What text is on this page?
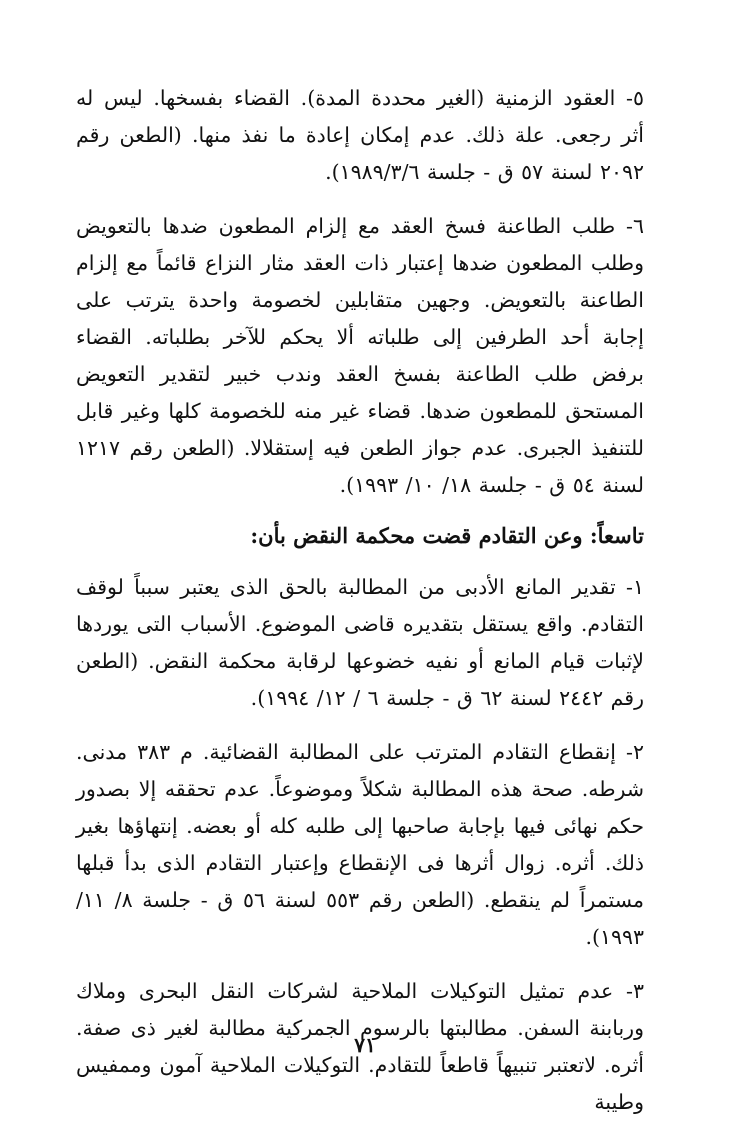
٥- العقود الزمنية (الغير محددة المدة). القضاء بفسخها. ليس له أثر رجعى. علة ذلك. عدم إمكان إعادة ما نفذ منها. (الطعن رقم ٢٠٩٢ لسنة ٥٧ ق - جلسة ١٩٨٩/٣/٦).

٦- طلب الطاعنة فسخ العقد مع إلزام المطعون ضدها بالتعويض وطلب المطعون ضدها إعتبار ذات العقد مثار النزاع قائماً مع إلزام الطاعنة بالتعويض. وجهين متقابلين لخصومة واحدة يترتب على إجابة أحد الطرفين إلى طلباته ألا يحكم للآخر بطلباته. القضاء برفض طلب الطاعنة بفسخ العقد وندب خبير لتقدير التعويض المستحق للمطعون ضدها. قضاء غير منه للخصومة كلها وغير قابل للتنفيذ الجبرى. عدم جواز الطعن فيه إستقلالا. (الطعن رقم ١٢١٧ لسنة ٥٤ ق - جلسة ١٨/ ١٠/ ١٩٩٣).

تاسعاً: وعن التقادم قضت محكمة النقض بأن:

١- تقدير المانع الأدبى من المطالبة بالحق الذى يعتبر سبباً لوقف التقادم. واقع يستقل بتقديره قاضى الموضوع. الأسباب التى يوردها لإثبات قيام المانع أو نفيه خضوعها لرقابة محكمة النقض. (الطعن رقم ٢٤٤٢ لسنة ٦٢ ق - جلسة ٦ / ١٢/ ١٩٩٤).

٢- إنقطاع التقادم المترتب على المطالبة القضائية. م ٣٨٣ مدنى. شرطه. صحة هذه المطالبة شكلاً وموضوعاً. عدم تحققه إلا بصدور حكم نهائى فيها بإجابة صاحبها إلى طلبه كله أو بعضه. إنتهاؤها بغير ذلك. أثره. زوال أثرها فى الإنقطاع وإعتبار التقادم الذى بدأ قبلها مستمراً لم ينقطع. (الطعن رقم ٥٥٣ لسنة ٥٦ ق - جلسة ٨/ ١١/ ١٩٩٣).

٣- عدم تمثيل التوكيلات الملاحية لشركات النقل البحرى وملاك وربابنة السفن. مطالبتها بالرسوم الجمركية مطالبة لغير ذى صفة. أثره. لاتعتبر تنبيهاً قاطعاً للتقادم. التوكيلات الملاحية آمون وممفيس وطيبة

٧١
